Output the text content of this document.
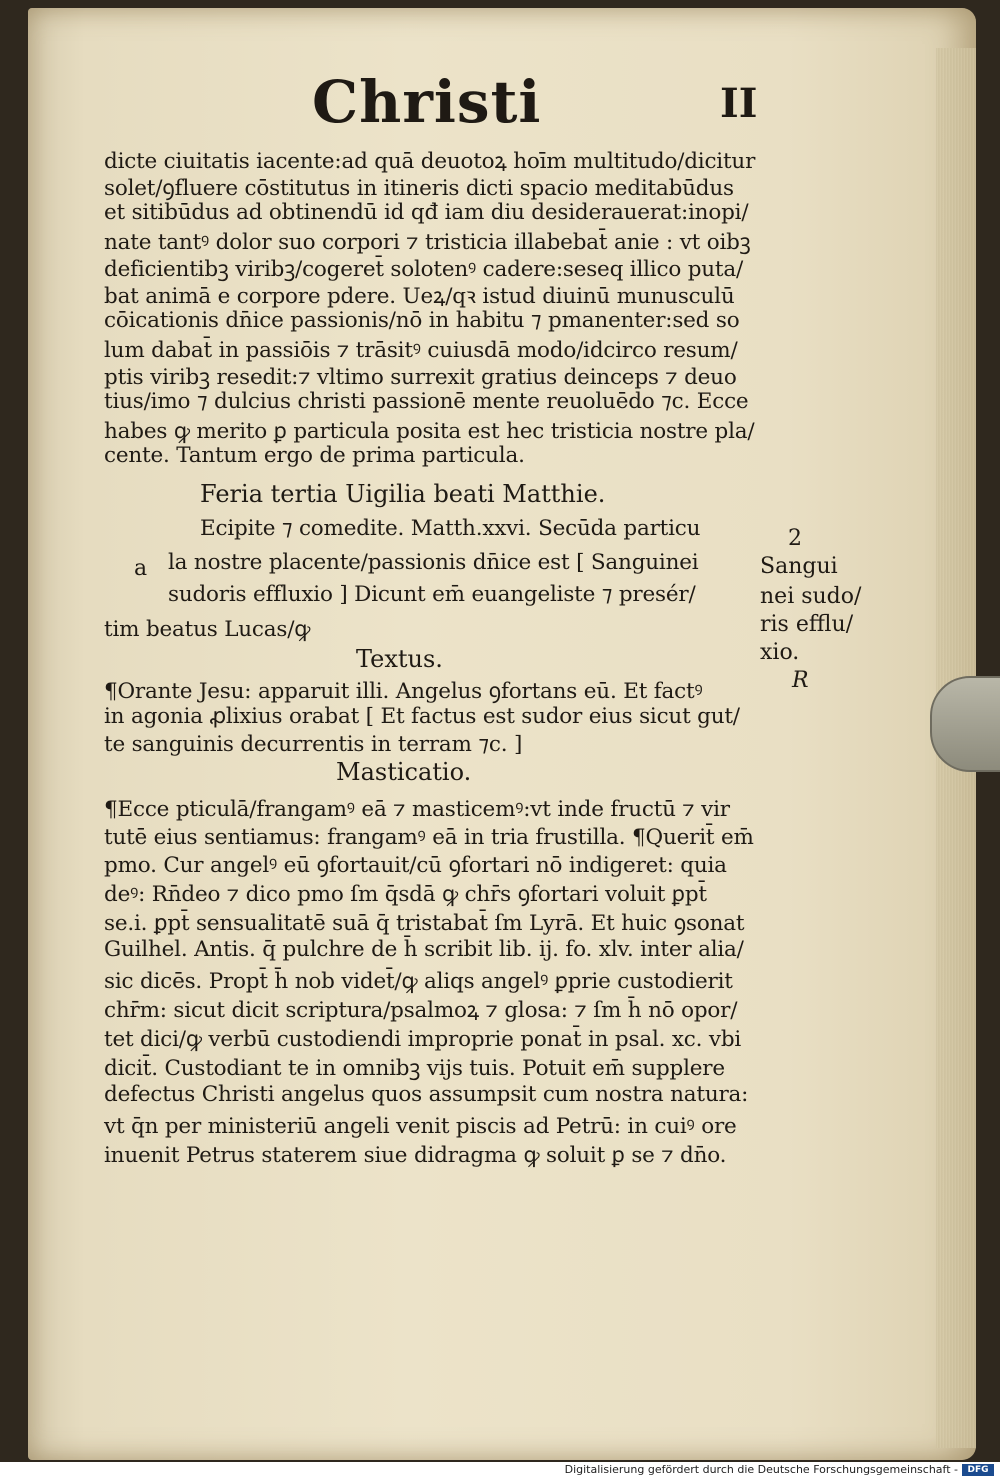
Christi	II
dicte ciuitatis iacente:ad quā deuotoꝝ hoīm multitudo/dicitur
solet/ꝯfluere cōstitutus in itineris dicti spacio meditabūdus
et sitibūdus ad obtinendū id qđ iam diu desiderauerat:inopi/
nate tantꝰ dolor suo corpori ⁊ tristicia illabebat̄ anie : vt oibꝫ
deficientibꝫ viribꝫ/cogeret̄ solotenꝰ cadere:seseq illico puta/
bat animā e corpore pdere. Ueꝝ/qꝛ istud diuinū munusculū
cōicationis dn̄ice passionis/nō in habitu ⁊ pmanenter:sed so
lum dabat̄ in passiōis ⁊ trāsitꝰ cuiusdā modo/idcirco resum/
ptis viribꝫ resedit:⁊ vltimo surrexit gratius deinceps ⁊ deuo
tius/imo ⁊ dulcius christi passionē mente reuoluēdo ⁊c. Ecce
habes ꝙ merito ꝑ particula posita est hec tristicia nostre pla/
cente. Tantum ergo de prima particula.
Feria tertia Uigilia beati Matthie.
Ecipite ⁊ comedite. Matth.xxvi. Secūda particu
la nostre placente/passionis dn̄ice est [ Sanguinei
sudoris effluxio ] Dicunt em̄ euangeliste ⁊ presér/
tim beatus Lucas/ꝙ
a
Textus.
¶Orante Jesu: apparuit illi. Angelus ꝯfortans eū. Et factꝰ
in agonia ꝓlixius orabat [ Et factus est sudor eius sicut gut/
te sanguinis decurrentis in terram ⁊c. ]
Masticatio.
¶Ecce pticulā/frangamꝰ eā ⁊ masticemꝰ:vt inde fructū ⁊ vir
tutē eius sentiamus: frangamꝰ eā in tria frustilla. ¶Querit̄ em̄
pmo. Cur angelꝰ eū ꝯfortauit/cū ꝯfortari nō indigeret: quia
deꝰ: Rn̄deo ⁊ dico pmo ſm q̄sdā ꝙ chr̄s ꝯfortari voluit ꝑpt̄
se.i. ꝑpt̄ sensualitatē suā q̄ tristabat̄ ſm Lyrā. Et huic ꝯsonat
Guilhel. Antis. q̄ pulchre de h̄ scribit lib. ij. fo. xlv. inter alia/
sic dicēs. Propt̄ h̄ nob videt̄/ꝙ aliqs angelꝰ ꝑprie custodierit
chr̄m: sicut dicit scriptura/psalmoꝝ ⁊ glosa: ⁊ ſm h̄ nō opor/
tet dici/ꝙ verbū custodiendi improprie ponat̄ in psal. xc. vbi
dicit̄. Custodiant te in omnibꝫ vijs tuis. Potuit em̄ supplere
defectus Christi angelus quos assumpsit cum nostra natura:
vt q̄n per ministeriū angeli venit piscis ad Petrū: in cuiꝰ ore
inuenit Petrus staterem siue didragma ꝙ soluit ꝑ se ⁊ dn̄o.
2
Sangui
nei sudo/
ris efflu/
xio.
R
Digitalisierung gefördert durch die Deutsche Forschungsgemeinschaft -	DFG
